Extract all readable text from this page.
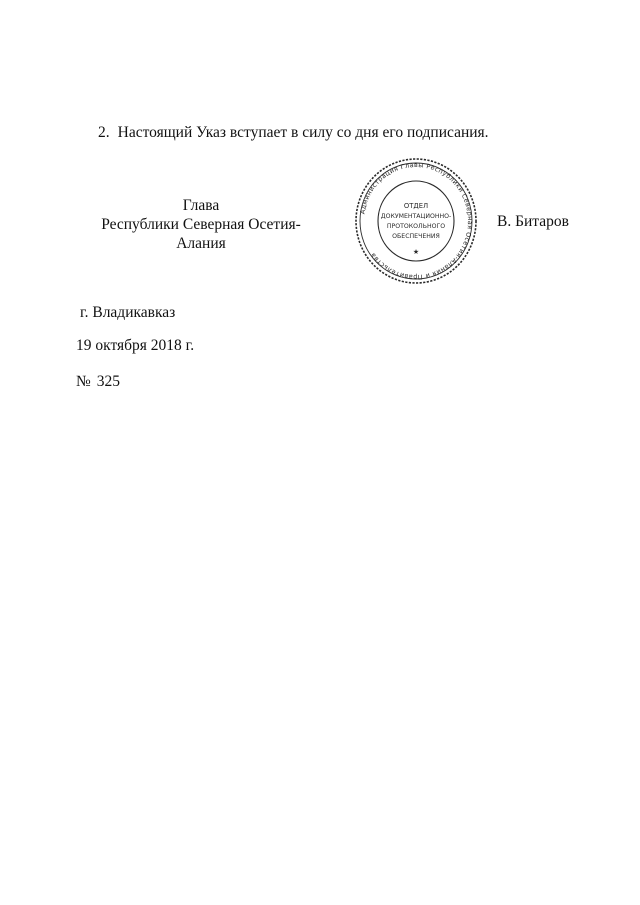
2. Настоящий Указ вступает в силу со дня его подписания.
Глава
Республики Северная Осетия-Алания
Администрация Главы Республики Северная Осетия-Алания и Правительства
ОТДЕЛ
ДОКУМЕНТАЦИОННО-
ПРОТОКОЛЬНОГО
ОБЕСПЕЧЕНИЯ
★
В. Битаров
г. Владикавказ
19 октября 2018 г.
№ 325
